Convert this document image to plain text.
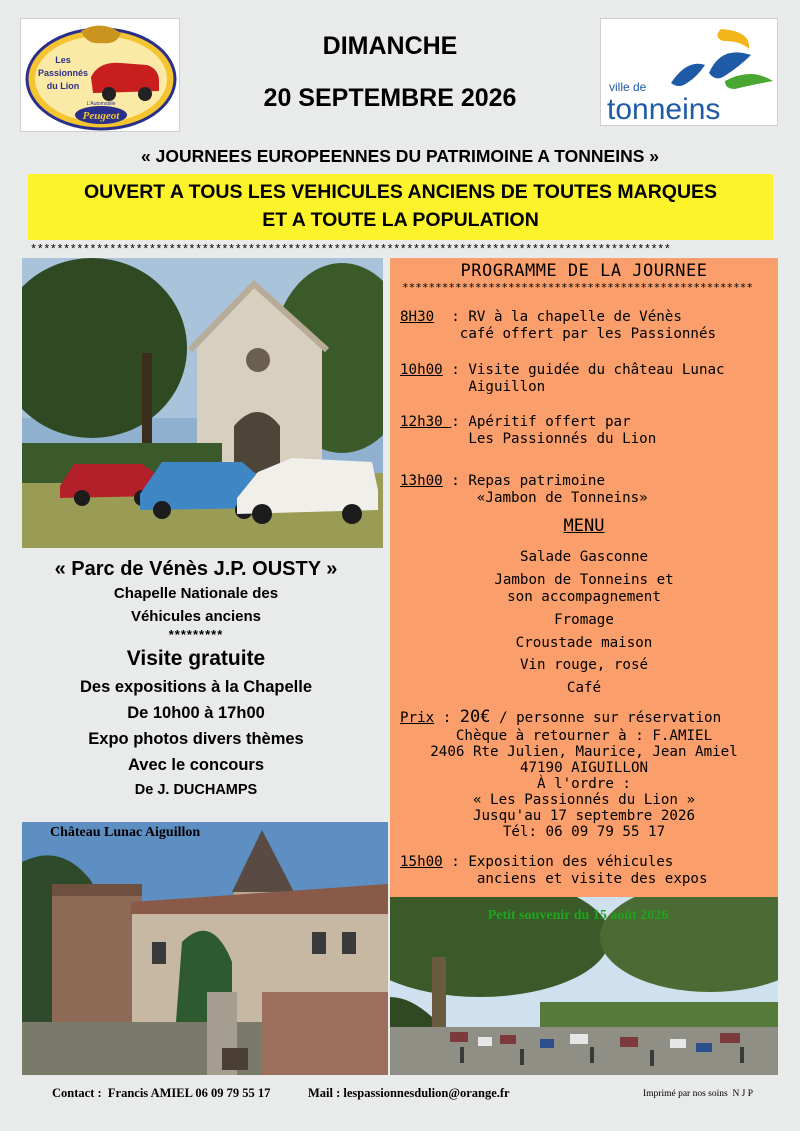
Peugeot
L'Automobile
Les
Passionnés
du Lion
DIMANCHE
20 SEPTEMBRE 2026	ville de
tonneins
« JOURNEES EUROPEENNES DU PATRIMOINE A TONNEINS »
OUVERT A TOUS LES VEHICULES ANCIENS DE TOUTES MARQUES
ET A TOUTE LA POPULATION
*************************************************************************************************
« Parc de Vénès J.P. OUSTY »
Chapelle Nationale des
Véhicules anciens
*********
Visite gratuite
Des expositions à la Chapelle
De 10h00 à 17h00
Expo photos divers thèmes
Avec le concours
De J. DUCHAMPS
Château Lunac Aiguillon
PROGRAMME DE LA JOURNEE
*****************************************************
8H30  : RV à la chapelle de Vénès
café offert par les Passionnés
10h00 : Visite guidée du château Lunac
Aiguillon
12h30 : Apéritif offert par
Les Passionnés du Lion
13h00 : Repas patrimoine
«Jambon de Tonneins»
MENU
Salade Gasconne
Jambon de Tonneins et
son accompagnement
Fromage
Croustade maison
Vin rouge, rosé
Café
Prix : 20€ / personne sur réservation
Chèque à retourner à : F.AMIEL
2406 Rte Julien, Maurice, Jean Amiel
47190 AIGUILLON
À l'ordre :
« Les Passionnés du Lion »
Jusqu'au 17 septembre 2026
Tél: 06 09 79 55 17
15h00 : Exposition des véhicules
anciens et visite des expos
Petit souvenir du 15 août 2026
Contact :  Francis AMIEL 06 09 79 55 17	Mail : lespassionnesdulion@orange.fr	Imprimé par nos soins  N J P
